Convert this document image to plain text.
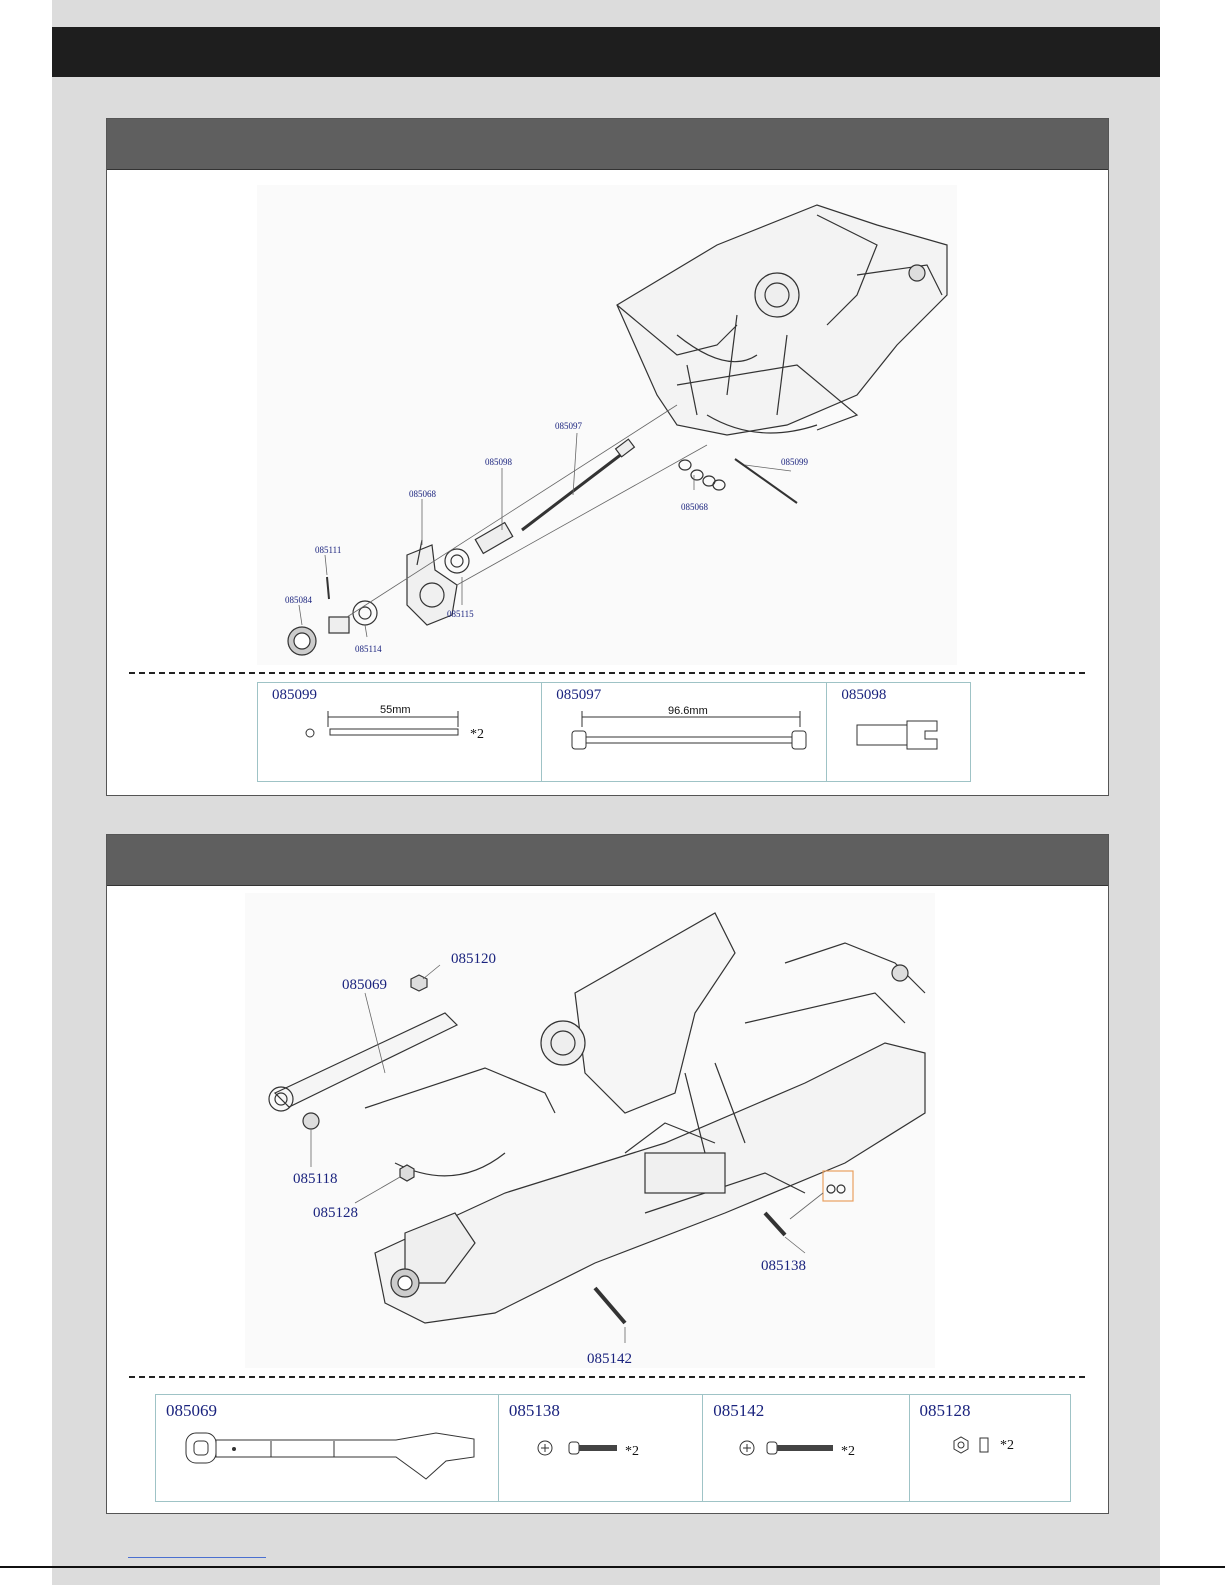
085097
085098	085099
085068
085068
085111
085084
085115
085114
085099
55mm
*2
085097
96.6mm
085098
085120
085069
085118
085128
085138
085142
085069	085138
*2
085142
*2
085128
*2
